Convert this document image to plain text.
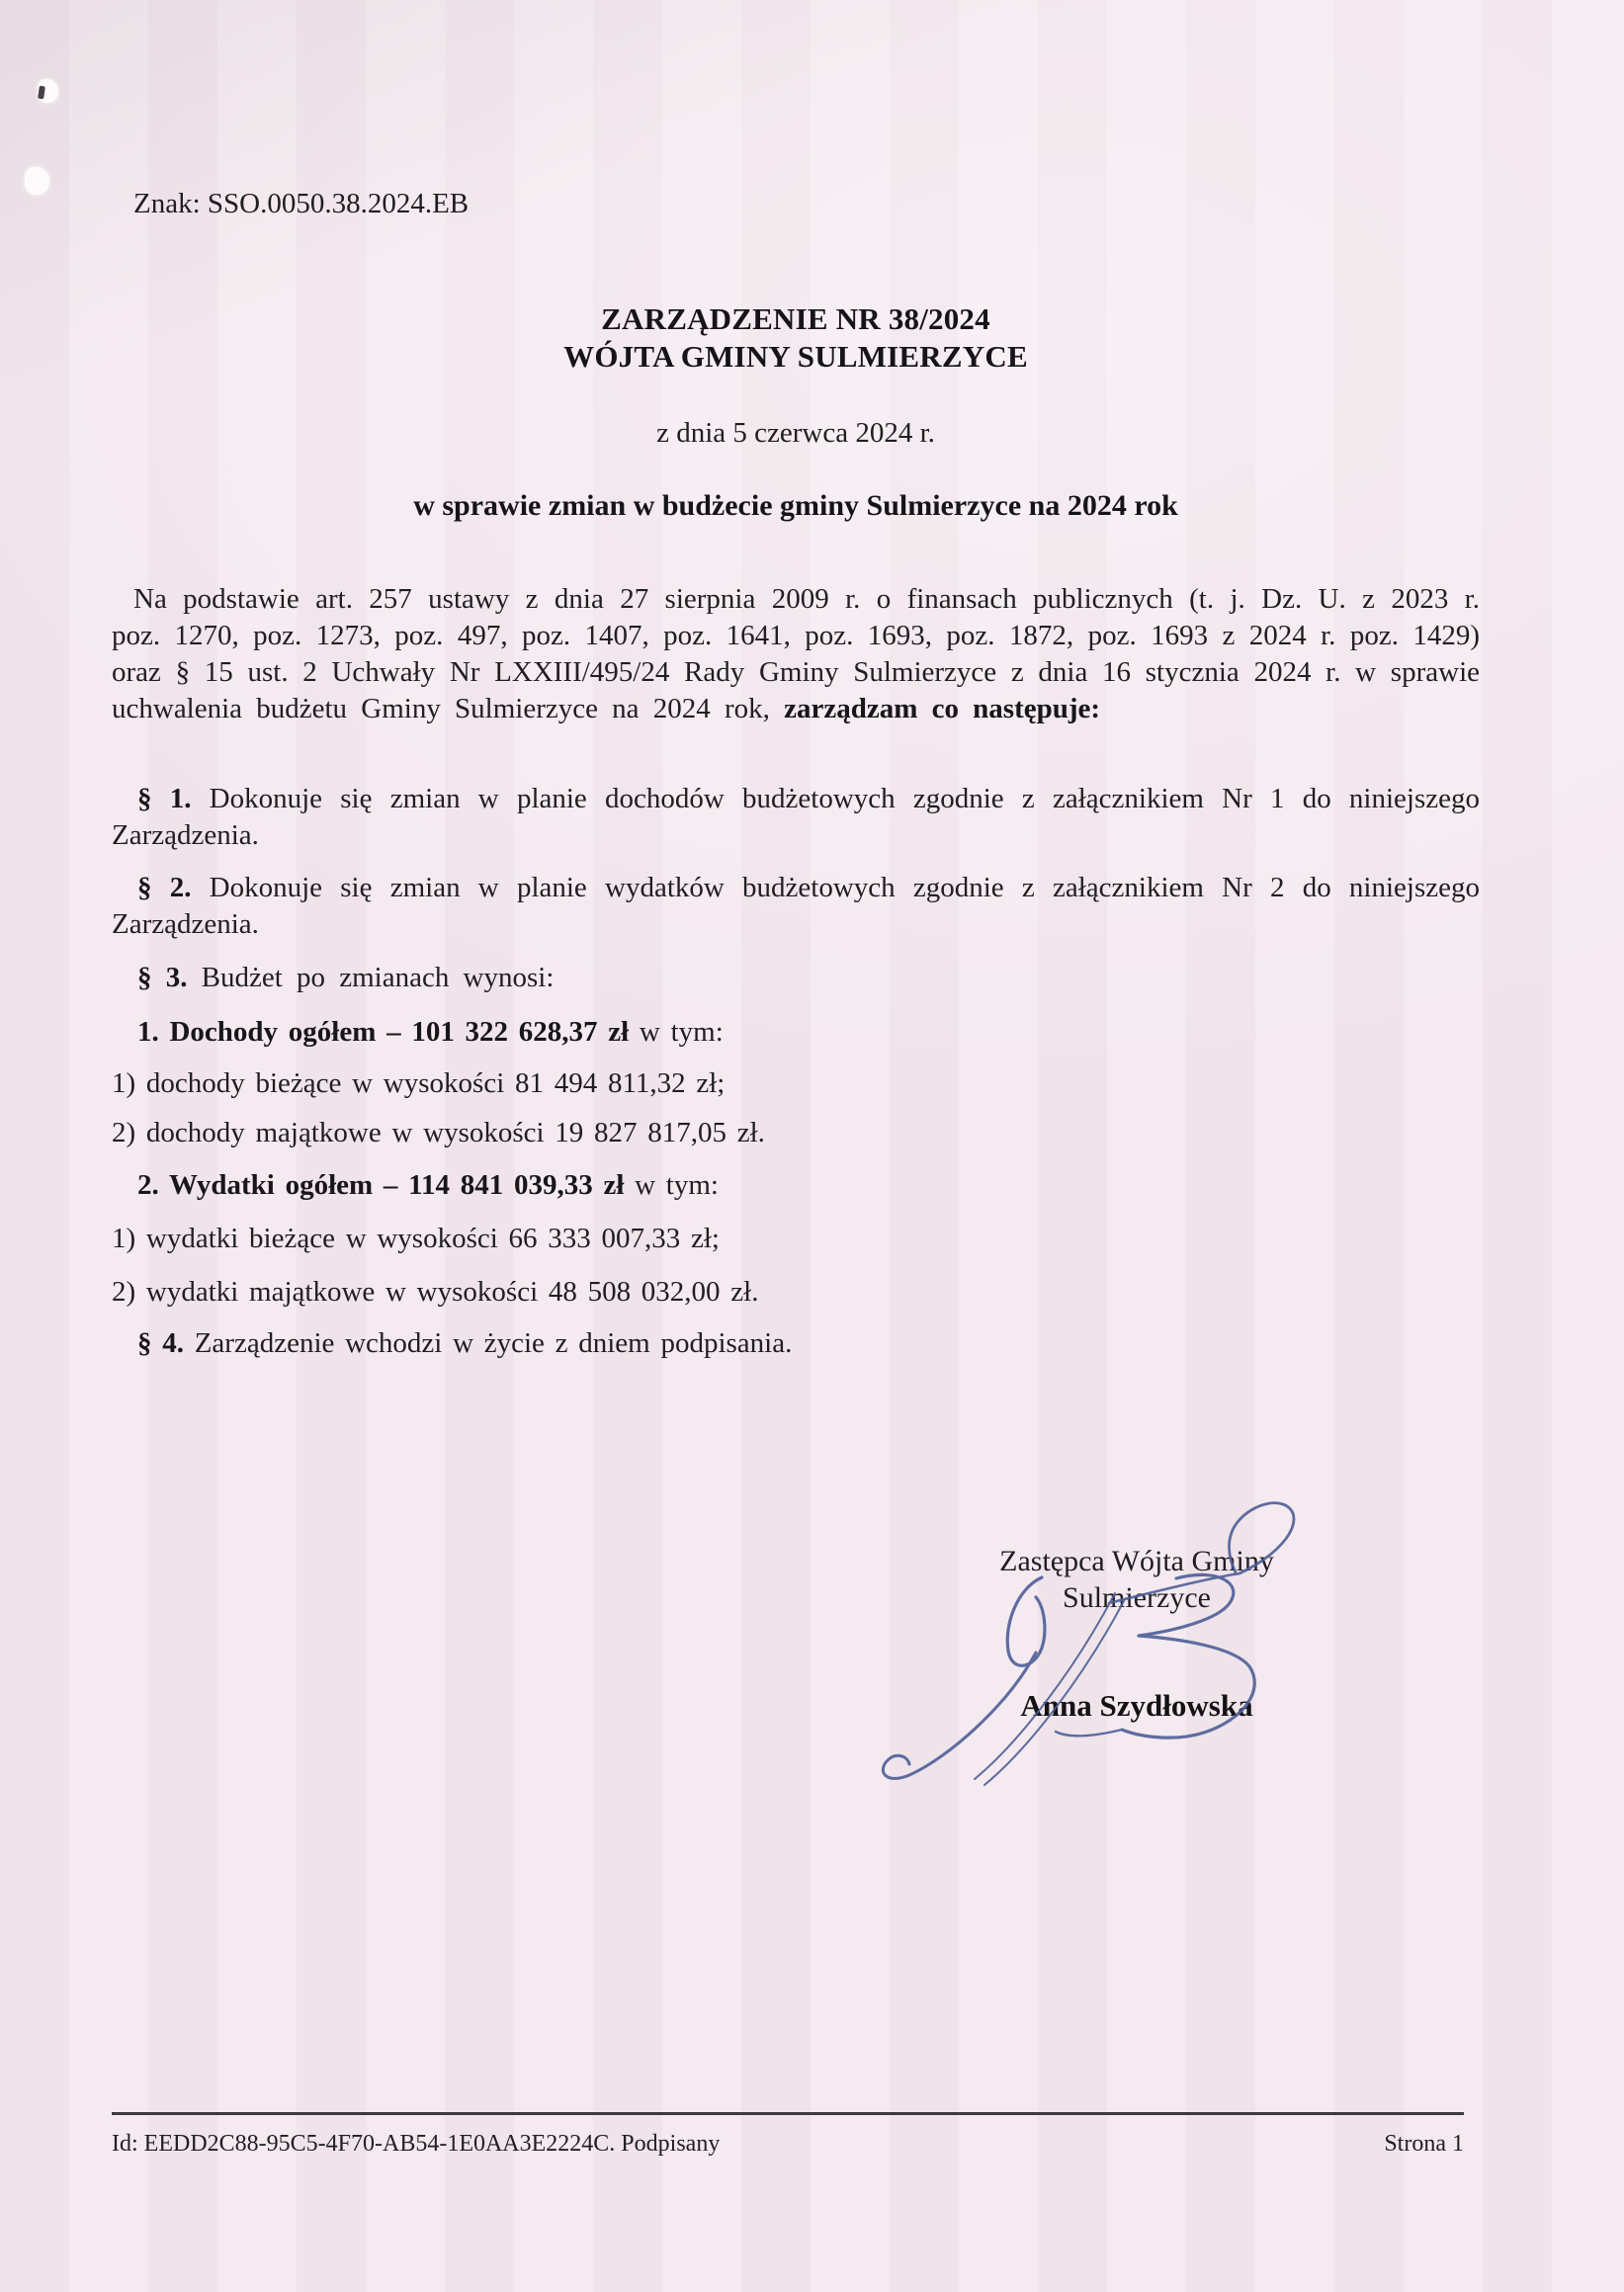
Znak: SSO.0050.38.2024.EB
ZARZĄDZENIE NR 38/2024
WÓJTA GMINY SULMIERZYCE
z dnia 5 czerwca 2024 r.
w sprawie zmian w budżecie gminy Sulmierzyce na 2024 rok
Na podstawie art. 257 ustawy z dnia 27 sierpnia 2009 r. o finansach publicznych (t. j. Dz. U. z 2023 r. poz. 1270, poz. 1273, poz. 497, poz. 1407, poz. 1641, poz. 1693, poz. 1872, poz. 1693 z 2024 r. poz. 1429) oraz § 15 ust. 2 Uchwały Nr LXXIII/495/24 Rady Gminy Sulmierzyce z dnia 16 stycznia 2024 r. w sprawie uchwalenia budżetu Gminy Sulmierzyce na 2024 rok, zarządzam co następuje:
§ 1. Dokonuje się zmian w planie dochodów budżetowych zgodnie z załącznikiem Nr 1 do niniejszego Zarządzenia.
§ 2. Dokonuje się zmian w planie wydatków budżetowych zgodnie z załącznikiem Nr 2 do niniejszego Zarządzenia.
§ 3. Budżet po zmianach wynosi:
1. Dochody ogółem – 101 322 628,37 zł w tym:
1) dochody bieżące w wysokości 81 494 811,32 zł;
2) dochody majątkowe w wysokości 19 827 817,05 zł.
2. Wydatki ogółem – 114 841 039,33 zł w tym:
1) wydatki bieżące w wysokości 66 333 007,33 zł;
2) wydatki majątkowe w wysokości 48 508 032,00 zł.
§ 4. Zarządzenie wchodzi w życie z dniem podpisania.
Zastępca Wójta Gminy
Sulmierzyce
Anna Szydłowska
Id: EEDD2C88-95C5-4F70-AB54-1E0AA3E2224C. Podpisany	Strona 1
